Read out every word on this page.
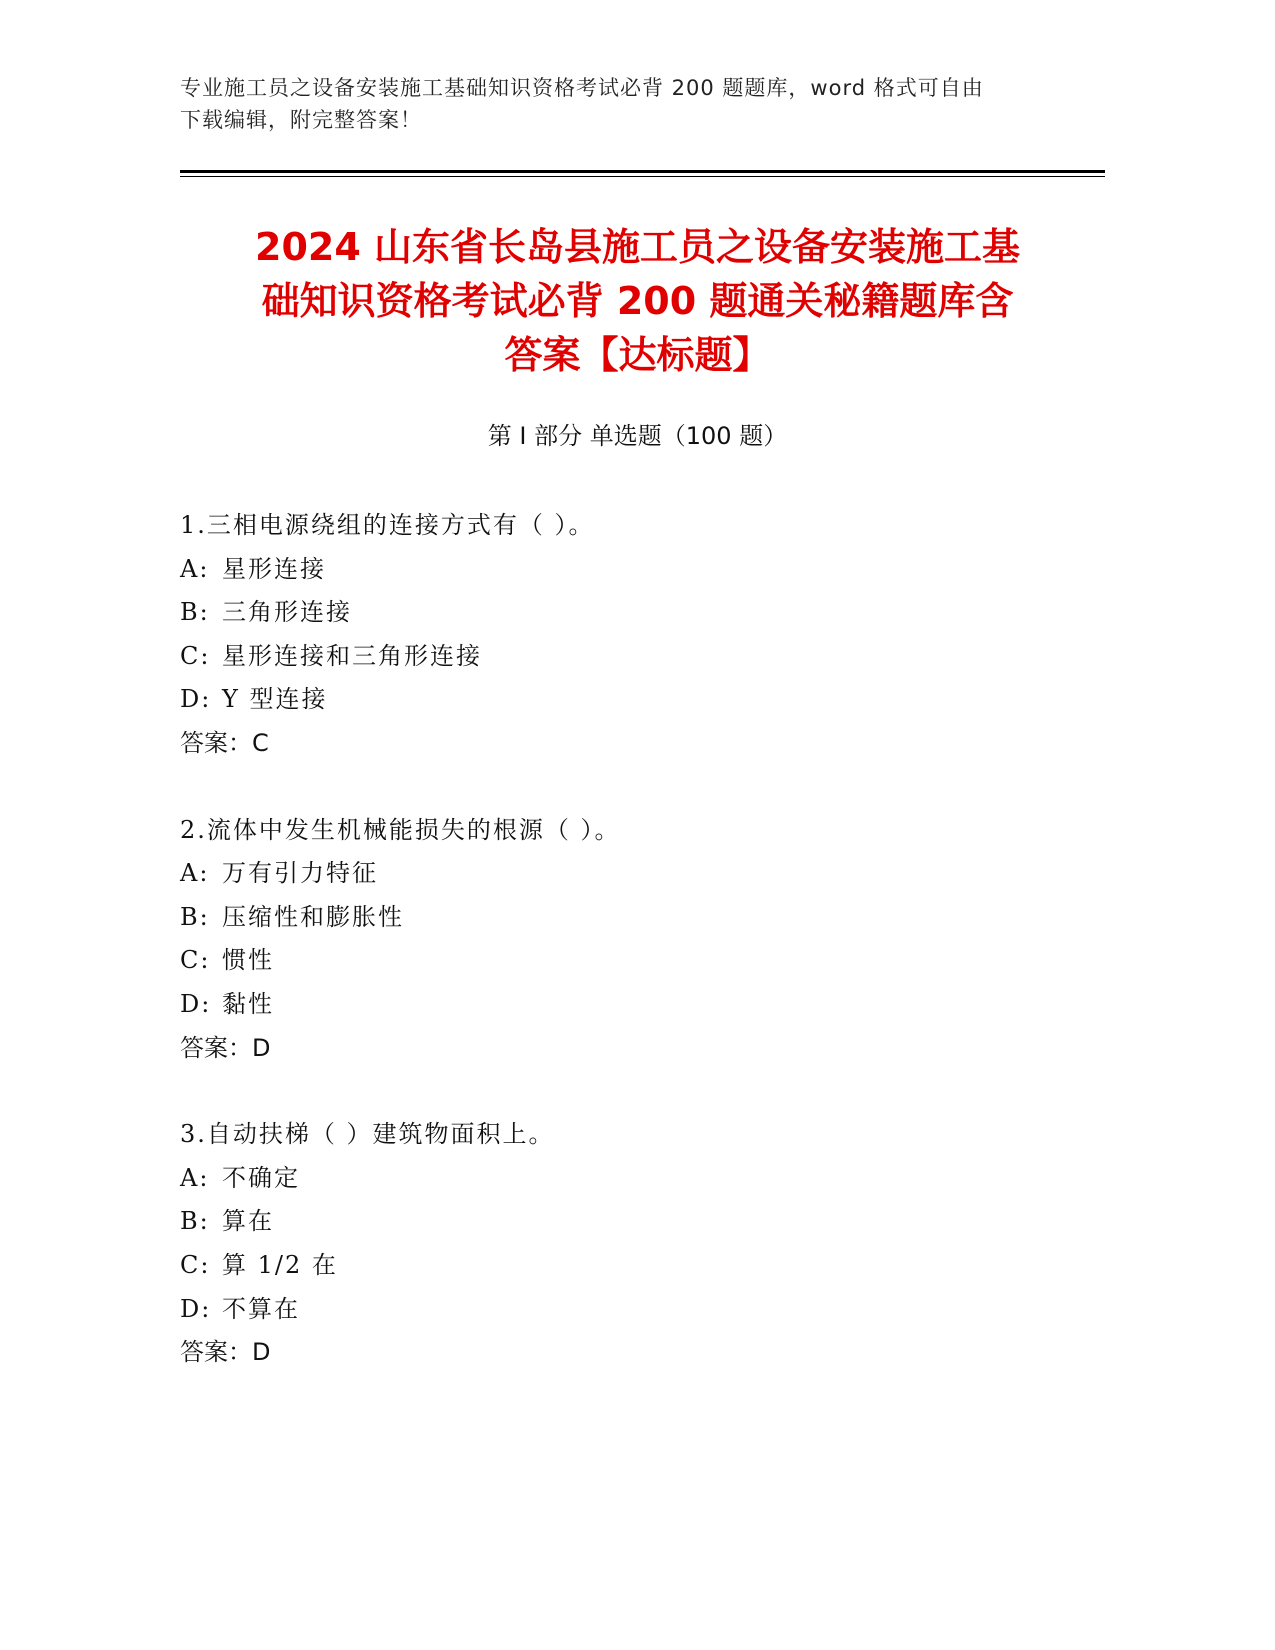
专业施工员之设备安装施工基础知识资格考试必背 200 题题库，word 格式可自由
下载编辑，附完整答案！
2024 山东省长岛县施工员之设备安装施工基
础知识资格考试必背 200 题通关秘籍题库含
答案【达标题】
第 I 部分 单选题（100 题）
1.三相电源绕组的连接方式有（ ）。
A: 星形连接
B: 三角形连接
C: 星形连接和三角形连接
D: Y 型连接
答案：C
2.流体中发生机械能损失的根源（ ）。
A: 万有引力特征
B: 压缩性和膨胀性
C: 惯性
D: 黏性
答案：D
3.自动扶梯（ ）建筑物面积上。
A: 不确定
B: 算在
C: 算 1/2 在
D: 不算在
答案：D
